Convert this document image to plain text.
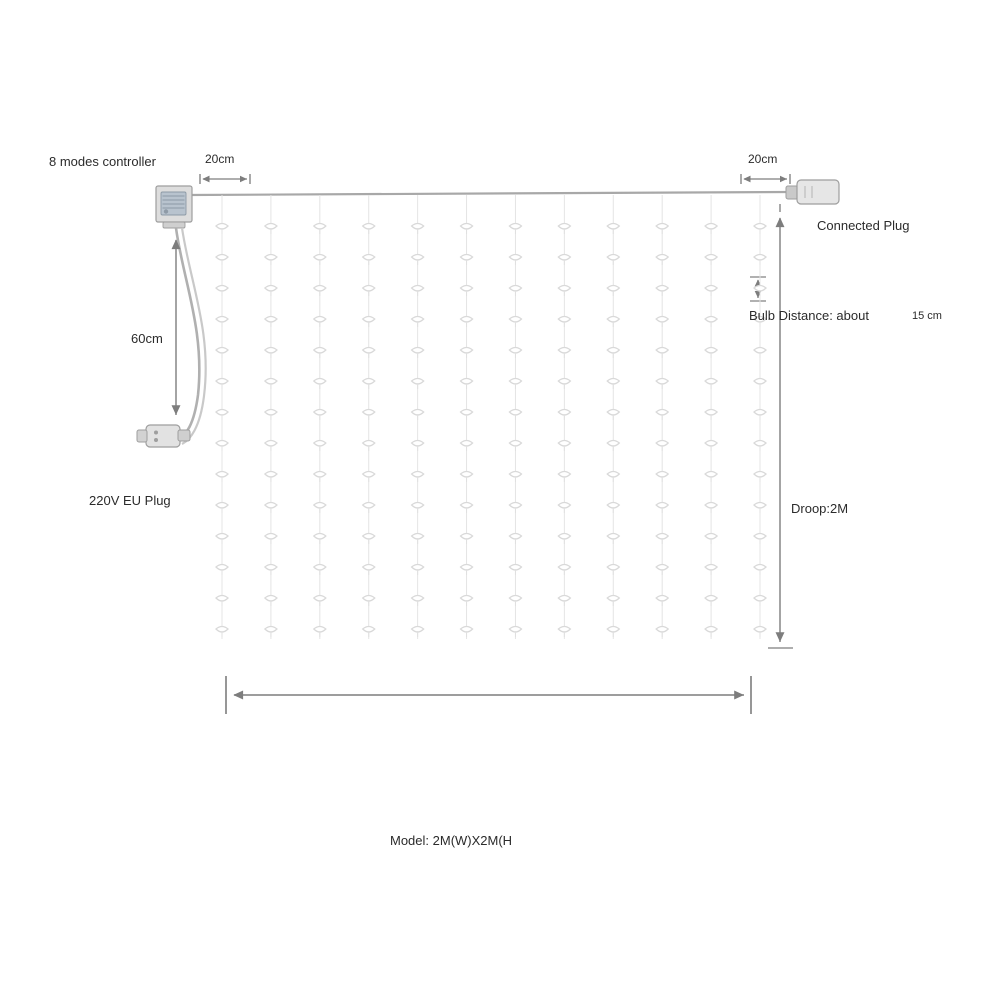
8 modes controller	20cm	20cm
Connected Plug
60cm
220V EU Plug
Bulb Distance: about	15 cm
Droop:2M
Model: 2M(W)X2M(H
